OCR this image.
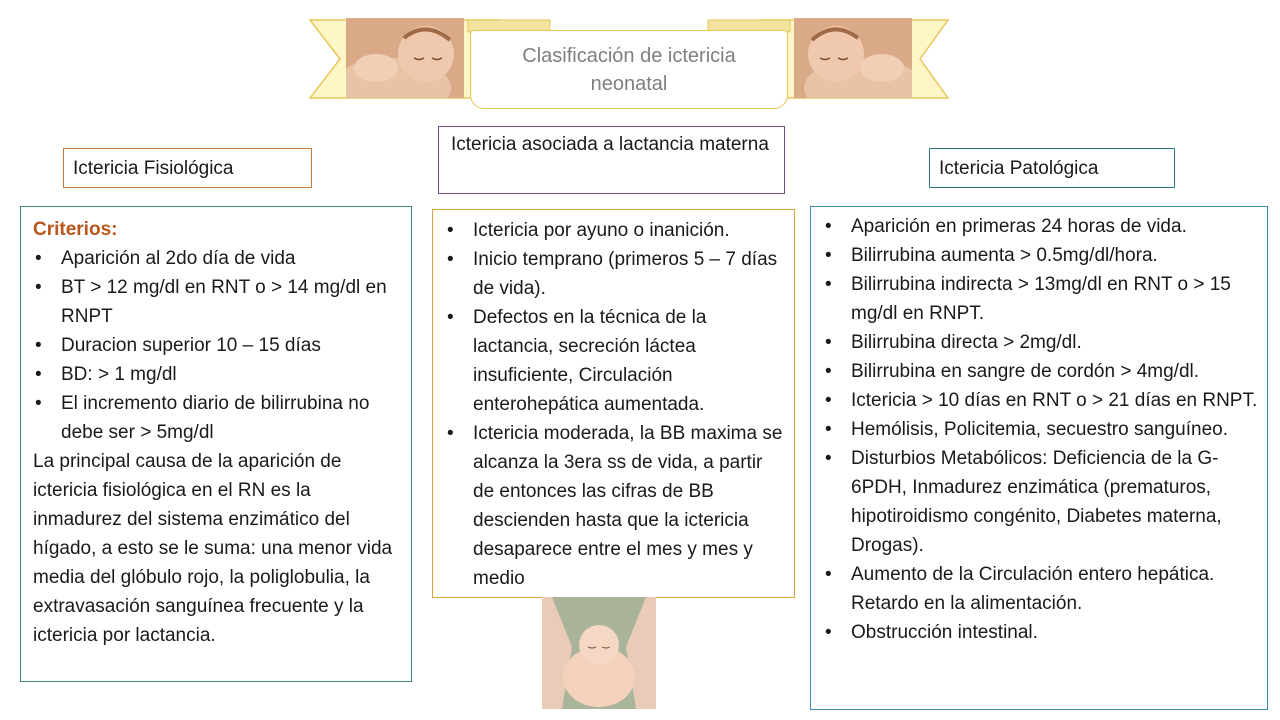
Clasificación de ictericia neonatal
Ictericia Fisiológica
Ictericia asociada a lactancia materna
Ictericia Patológica
Criterios:
• Aparición al 2do día de vida
• BT > 12 mg/dl en RNT o > 14 mg/dl en RNPT
• Duracion superior 10 – 15 días
• BD: > 1 mg/dl
• El incremento diario de bilirrubina no debe ser > 5mg/dl

La principal causa de la aparición de ictericia fisiológica en el RN es la inmadurez del sistema enzimático del hígado, a esto se le suma: una menor vida media del glóbulo rojo, la poliglobulia, la extravasación sanguínea frecuente y la ictericia por lactancia.

• Ictericia por ayuno o inanición.
• Inicio temprano (primeros 5 – 7 días de vida).
• Defectos en la técnica de la lactancia, secreción láctea insuficiente, Circulación enterohepática aumentada.
• Ictericia moderada, la BB maxima se alcanza la 3era ss de vida, a partir de entonces las cifras de BB descienden hasta que la ictericia desaparece entre el mes y mes y medio
• Aparición en primeras 24 horas de vida.
• Bilirrubina aumenta > 0.5mg/dl/hora.
• Bilirrubina indirecta > 13mg/dl en RNT o > 15 mg/dl en RNPT.
• Bilirrubina directa > 2mg/dl.
• Bilirrubina en sangre de cordón > 4mg/dl.
• Ictericia > 10 días en RNT o > 21 días en RNPT.
• Hemólisis, Policitemia, secuestro sanguíneo.
• Disturbios Metabólicos: Deficiencia de la G-6PDH, Inmadurez enzimática (prematuros, hipotiroidismo congénito, Diabetes materna, Drogas).
• Aumento de la Circulación entero hepática. Retardo en la alimentación.
• Obstrucción intestinal.
